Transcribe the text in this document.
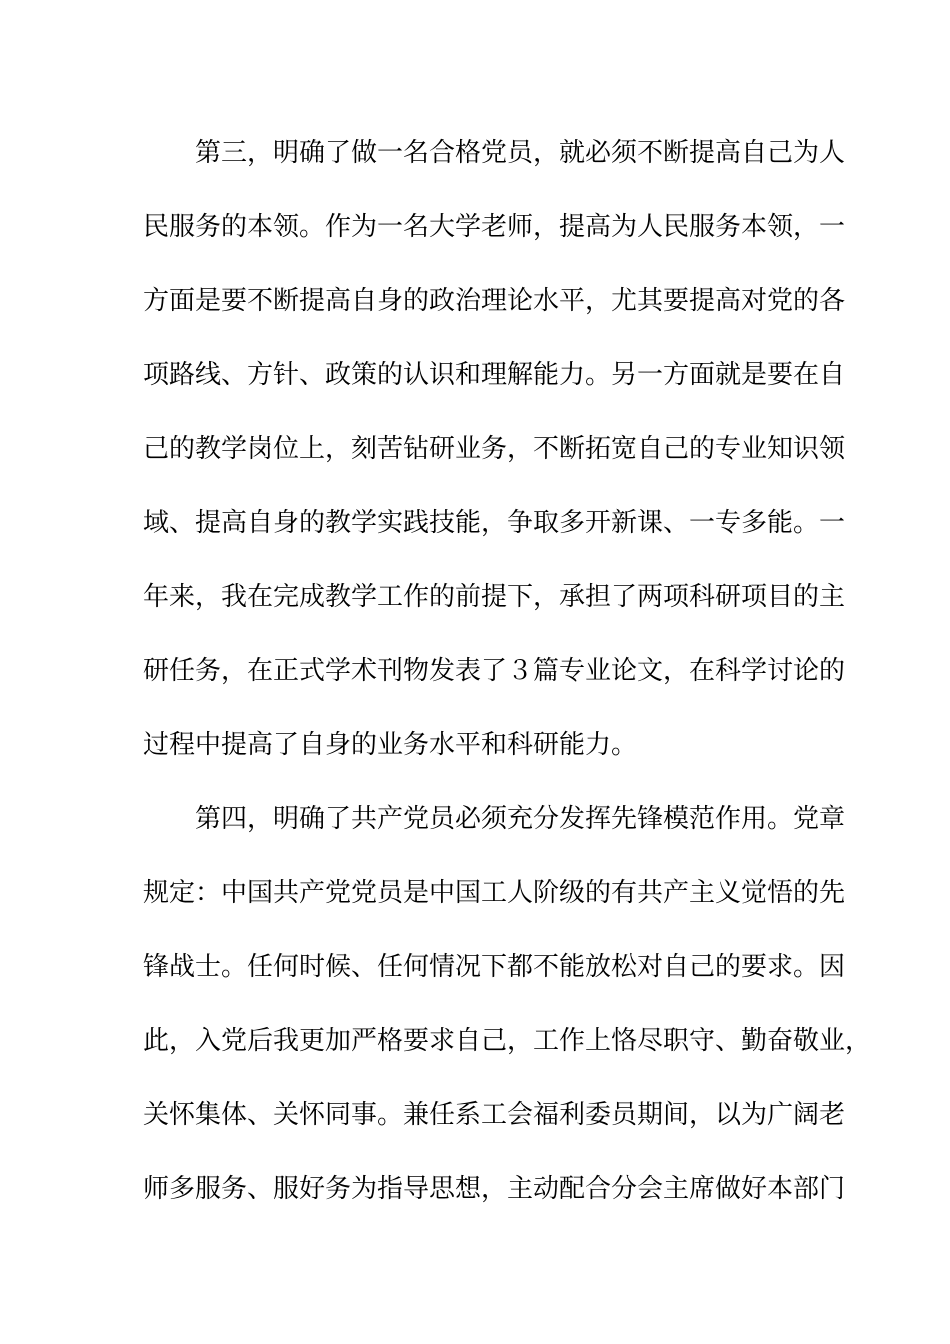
第三，明确了做一名合格党员，就必须不断提高自己为人
民服务的本领。作为一名大学老师，提高为人民服务本领，一
方面是要不断提高自身的政治理论水平，尤其要提高对党的各
项路线、方针、政策的认识和理解能力。另一方面就是要在自
己的教学岗位上，刻苦钻研业务，不断拓宽自己的专业知识领
域、提高自身的教学实践技能，争取多开新课、一专多能。一
年来，我在完成教学工作的前提下，承担了两项科研项目的主
研任务，在正式学术刊物发表了３篇专业论文，在科学讨论的
过程中提高了自身的业务水平和科研能力。
第四，明确了共产党员必须充分发挥先锋模范作用。党章
规定：中国共产党党员是中国工人阶级的有共产主义觉悟的先
锋战士。任何时候、任何情况下都不能放松对自己的要求。因
此，入党后我更加严格要求自己，工作上恪尽职守、勤奋敬业，
关怀集体、关怀同事。兼任系工会福利委员期间，以为广阔老
师多服务、服好务为指导思想，主动配合分会主席做好本部门
